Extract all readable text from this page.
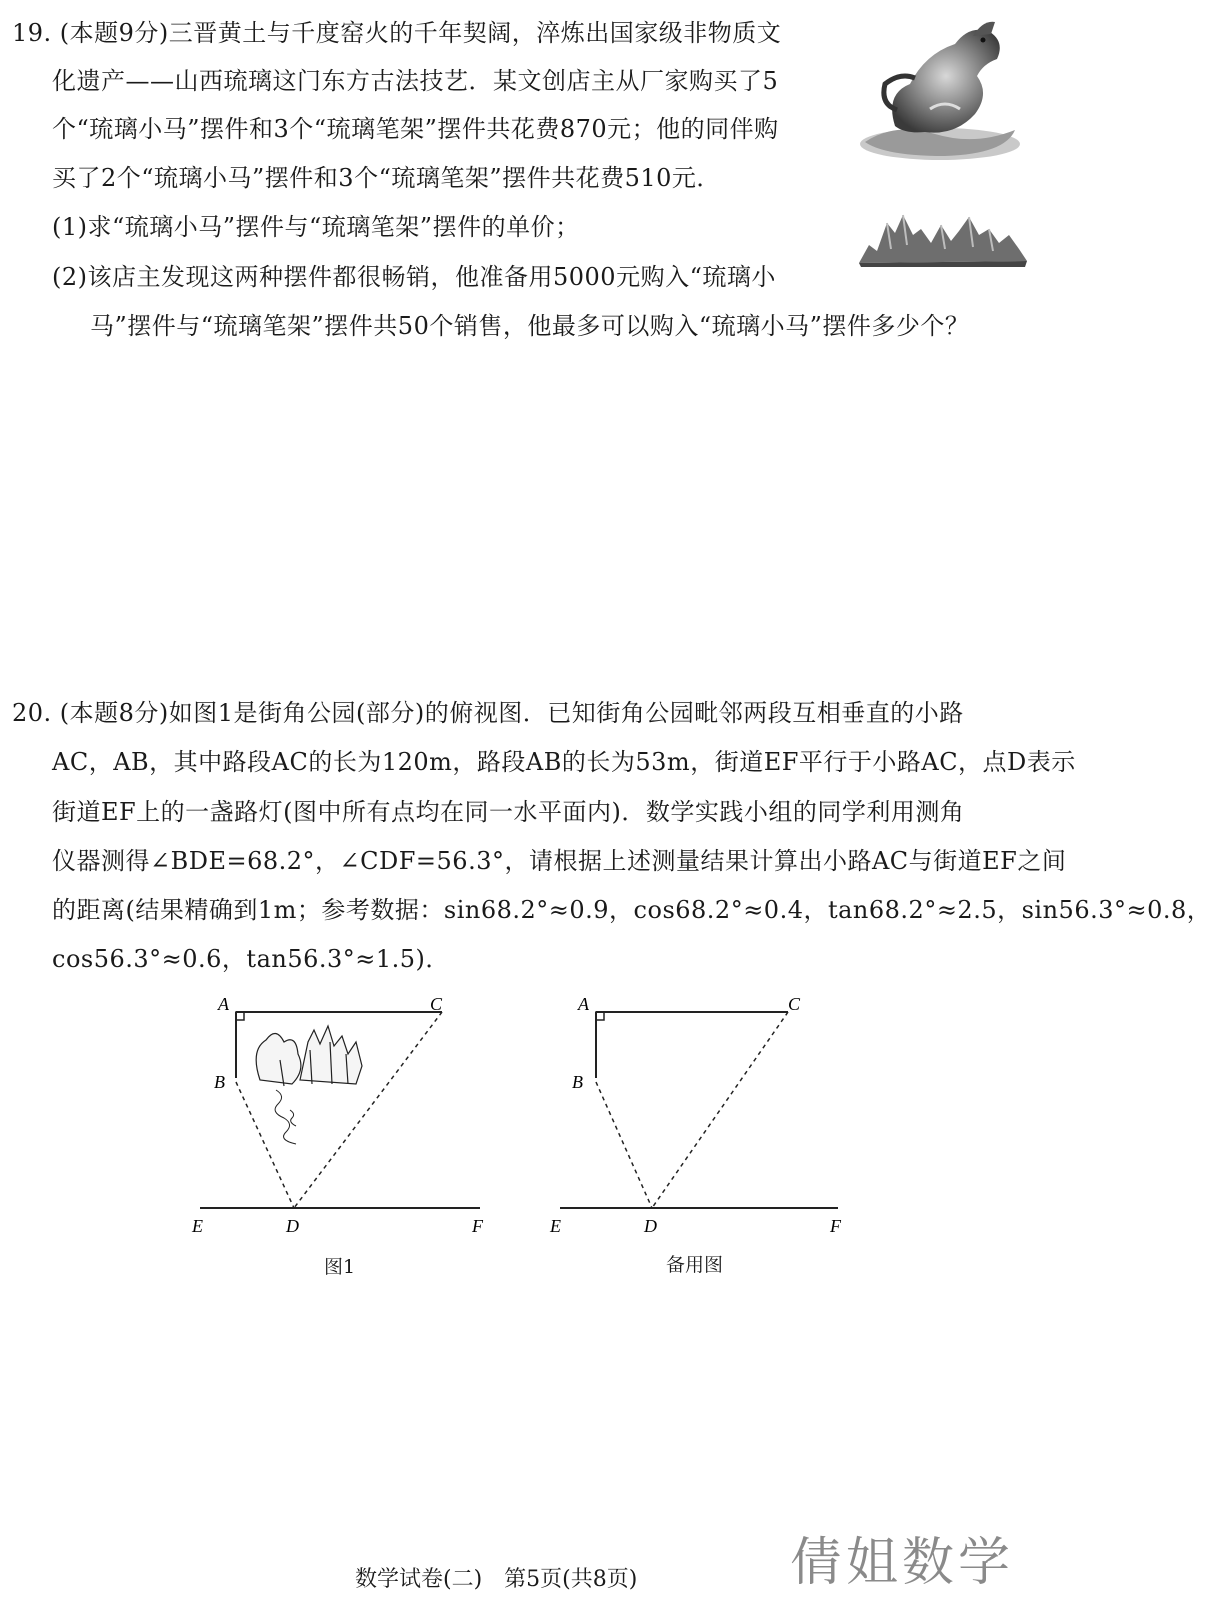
19. (本题9分)三晋黄土与千度窑火的千年契阔，淬炼出国家级非物质文
化遗产——山西琉璃这门东方古法技艺．某文创店主从厂家购买了5
个“琉璃小马”摆件和3个“琉璃笔架”摆件共花费870元；他的同伴购
买了2个“琉璃小马”摆件和3个“琉璃笔架”摆件共花费510元．
(1)求“琉璃小马”摆件与“琉璃笔架”摆件的单价；
(2)该店主发现这两种摆件都很畅销，他准备用5000元购入“琉璃小
马”摆件与“琉璃笔架”摆件共50个销售，他最多可以购入“琉璃小马”摆件多少个？
20. (本题8分)如图1是街角公园(部分)的俯视图．已知街角公园毗邻两段互相垂直的小路
AC，AB，其中路段AC的长为120m，路段AB的长为53m，街道EF平行于小路AC，点D表示
街道EF上的一盏路灯(图中所有点均在同一水平面内)．数学实践小组的同学利用测角
仪器测得∠BDE=68.2°，∠CDF=56.3°，请根据上述测量结果计算出小路AC与街道EF之间
的距离(结果精确到1m；参考数据：sin68.2°≈0.9，cos68.2°≈0.4，tan68.2°≈2.5，sin56.3°≈0.8，
cos56.3°≈0.6，tan56.3°≈1.5)．
A	C
B
E	D	F
图1
A	C
B
E	D	F
备用图
倩姐数学
数学试卷(二)　第5页(共8页)
